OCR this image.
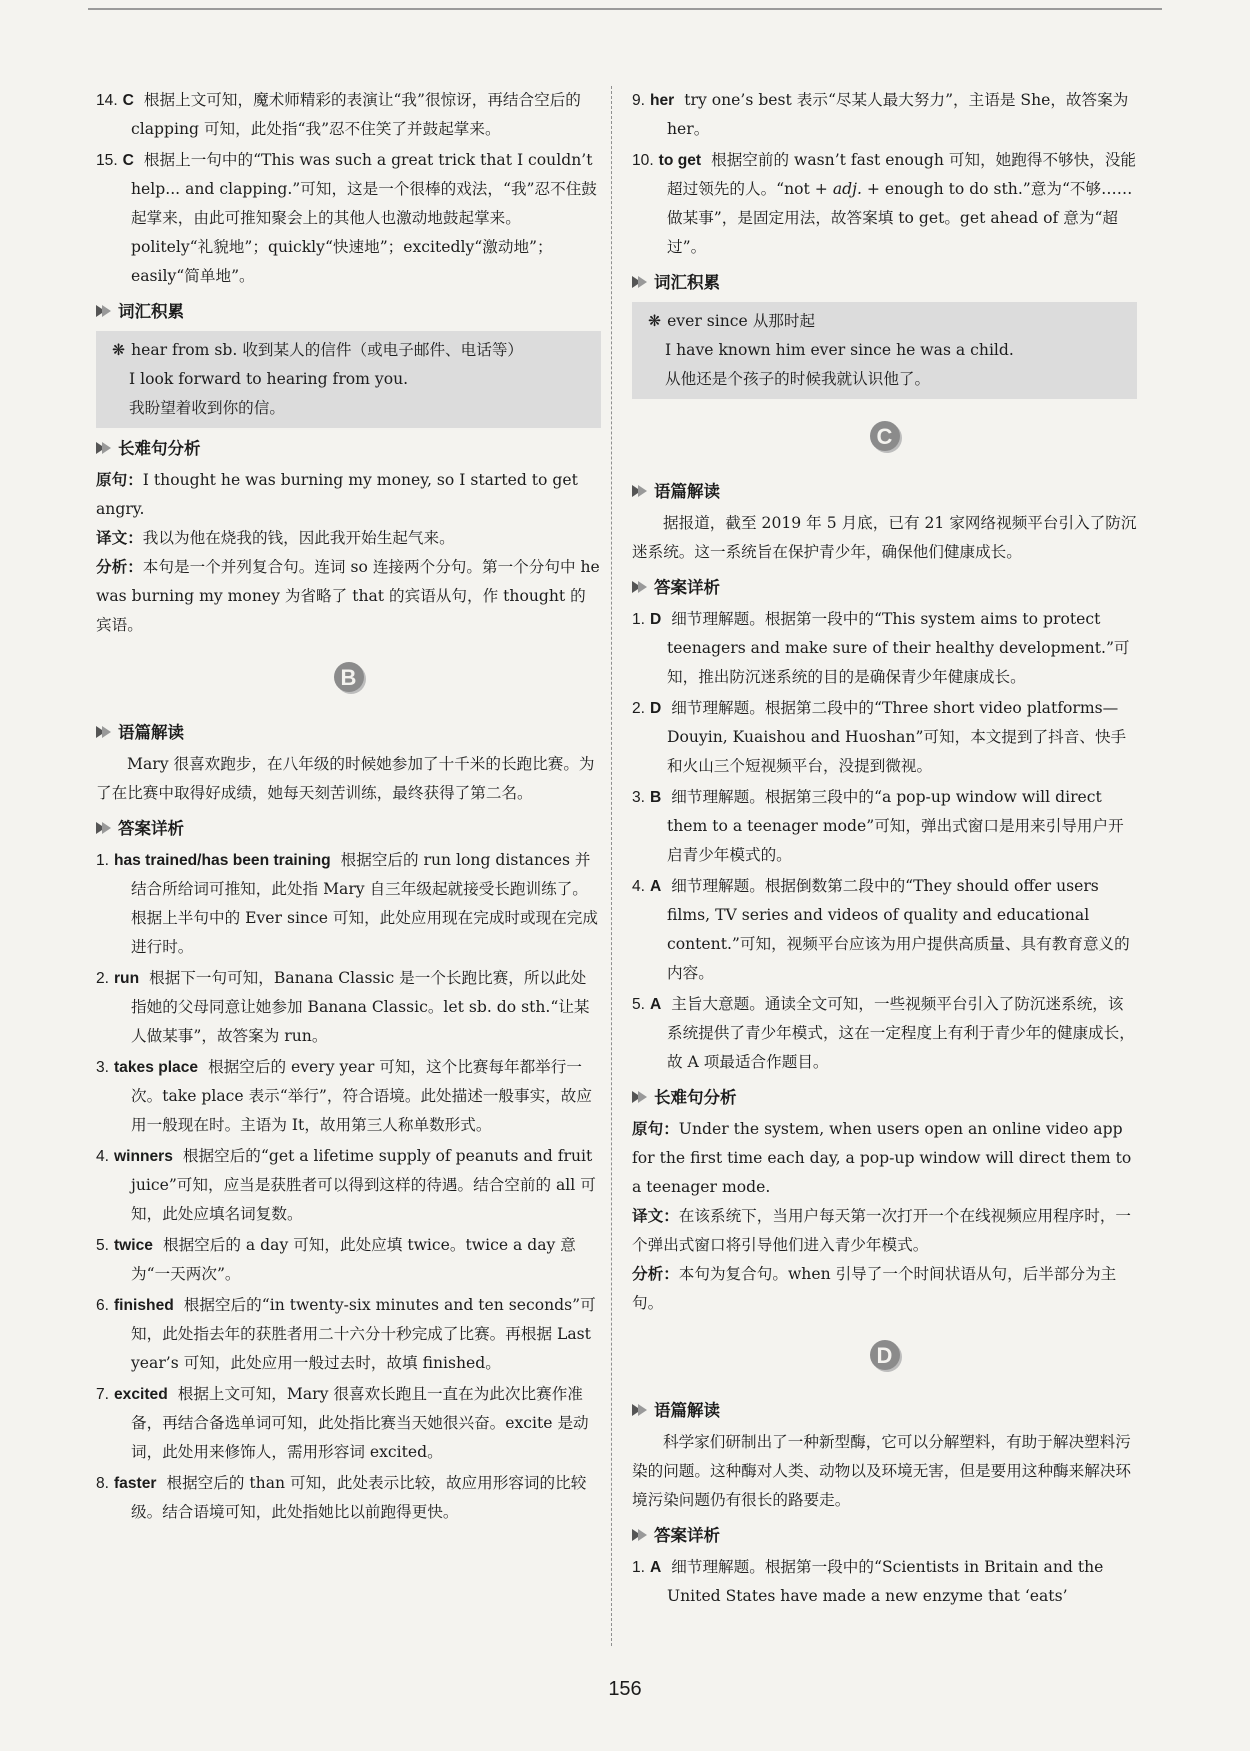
14. C 根据上文可知，魔术师精彩的表演让“我”很惊讶，再结合空后的 clapping 可知，此处指“我”忍不住笑了并鼓起掌来。
15. C 根据上一句中的“This was such a great trick that I couldn’t help... and clapping.”可知，这是一个很棒的戏法，“我”忍不住鼓起掌来，由此可推知聚会上的其他人也激动地鼓起掌来。politely“礼貌地”；quickly“快速地”；excitedly“激动地”；easily“简单地”。
词汇积累
❋ hear from sb. 收到某人的信件（或电子邮件、电话等）
I look forward to hearing from you.
我盼望着收到你的信。
长难句分析
原句：I thought he was burning my money, so I started to get angry.
译文：我以为他在烧我的钱，因此我开始生起气来。
分析：本句是一个并列复合句。连词 so 连接两个分句。第一个分句中 he was burning my money 为省略了 that 的宾语从句，作 thought 的宾语。
B
语篇解读
Mary 很喜欢跑步，在八年级的时候她参加了十千米的长跑比赛。为了在比赛中取得好成绩，她每天刻苦训练，最终获得了第二名。
答案详析
1. has trained/has been training 根据空后的 run long distances 并结合所给词可推知，此处指 Mary 自三年级起就接受长跑训练了。根据上半句中的 Ever since 可知，此处应用现在完成时或现在完成进行时。
2. run 根据下一句可知，Banana Classic 是一个长跑比赛，所以此处指她的父母同意让她参加 Banana Classic。let sb. do sth.“让某人做某事”，故答案为 run。
3. takes place 根据空后的 every year 可知，这个比赛每年都举行一次。take place 表示“举行”，符合语境。此处描述一般事实，故应用一般现在时。主语为 It，故用第三人称单数形式。
4. winners 根据空后的“get a lifetime supply of peanuts and fruit juice”可知，应当是获胜者可以得到这样的待遇。结合空前的 all 可知，此处应填名词复数。
5. twice 根据空后的 a day 可知，此处应填 twice。twice a day 意为“一天两次”。
6. finished 根据空后的“in twenty-six minutes and ten seconds”可知，此处指去年的获胜者用二十六分十秒完成了比赛。再根据 Last year’s 可知，此处应用一般过去时，故填 finished。
7. excited 根据上文可知，Mary 很喜欢长跑且一直在为此次比赛作准备，再结合备选单词可知，此处指比赛当天她很兴奋。excite 是动词，此处用来修饰人，需用形容词 excited。
8. faster 根据空后的 than 可知，此处表示比较，故应用形容词的比较级。结合语境可知，此处指她比以前跑得更快。
9. her try one’s best 表示“尽某人最大努力”，主语是 She，故答案为 her。
10. to get 根据空前的 wasn’t fast enough 可知，她跑得不够快，没能超过领先的人。“not + adj. + enough to do sth.”意为“不够……做某事”，是固定用法，故答案填 to get。get ahead of 意为“超过”。
词汇积累
❋ ever since 从那时起
I have known him ever since he was a child.
从他还是个孩子的时候我就认识他了。
C
语篇解读
据报道，截至 2019 年 5 月底，已有 21 家网络视频平台引入了防沉迷系统。这一系统旨在保护青少年，确保他们健康成长。
答案详析
1. D 细节理解题。根据第一段中的“This system aims to protect teenagers and make sure of their healthy development.”可知，推出防沉迷系统的目的是确保青少年健康成长。
2. D 细节理解题。根据第二段中的“Three short video platforms—Douyin, Kuaishou and Huoshan”可知，本文提到了抖音、快手和火山三个短视频平台，没提到微视。
3. B 细节理解题。根据第三段中的“a pop-up window will direct them to a teenager mode”可知，弹出式窗口是用来引导用户开启青少年模式的。
4. A 细节理解题。根据倒数第二段中的“They should offer users films, TV series and videos of quality and educational content.”可知，视频平台应该为用户提供高质量、具有教育意义的内容。
5. A 主旨大意题。通读全文可知，一些视频平台引入了防沉迷系统，该系统提供了青少年模式，这在一定程度上有利于青少年的健康成长，故 A 项最适合作题目。
长难句分析
原句：Under the system, when users open an online video app for the first time each day, a pop-up window will direct them to a teenager mode.
译文：在该系统下，当用户每天第一次打开一个在线视频应用程序时，一个弹出式窗口将引导他们进入青少年模式。
分析：本句为复合句。when 引导了一个时间状语从句，后半部分为主句。
D
语篇解读
科学家们研制出了一种新型酶，它可以分解塑料，有助于解决塑料污染的问题。这种酶对人类、动物以及环境无害，但是要用这种酶来解决环境污染问题仍有很长的路要走。
答案详析
1. A 细节理解题。根据第一段中的“Scientists in Britain and the United States have made a new enzyme that ‘eats’
156
